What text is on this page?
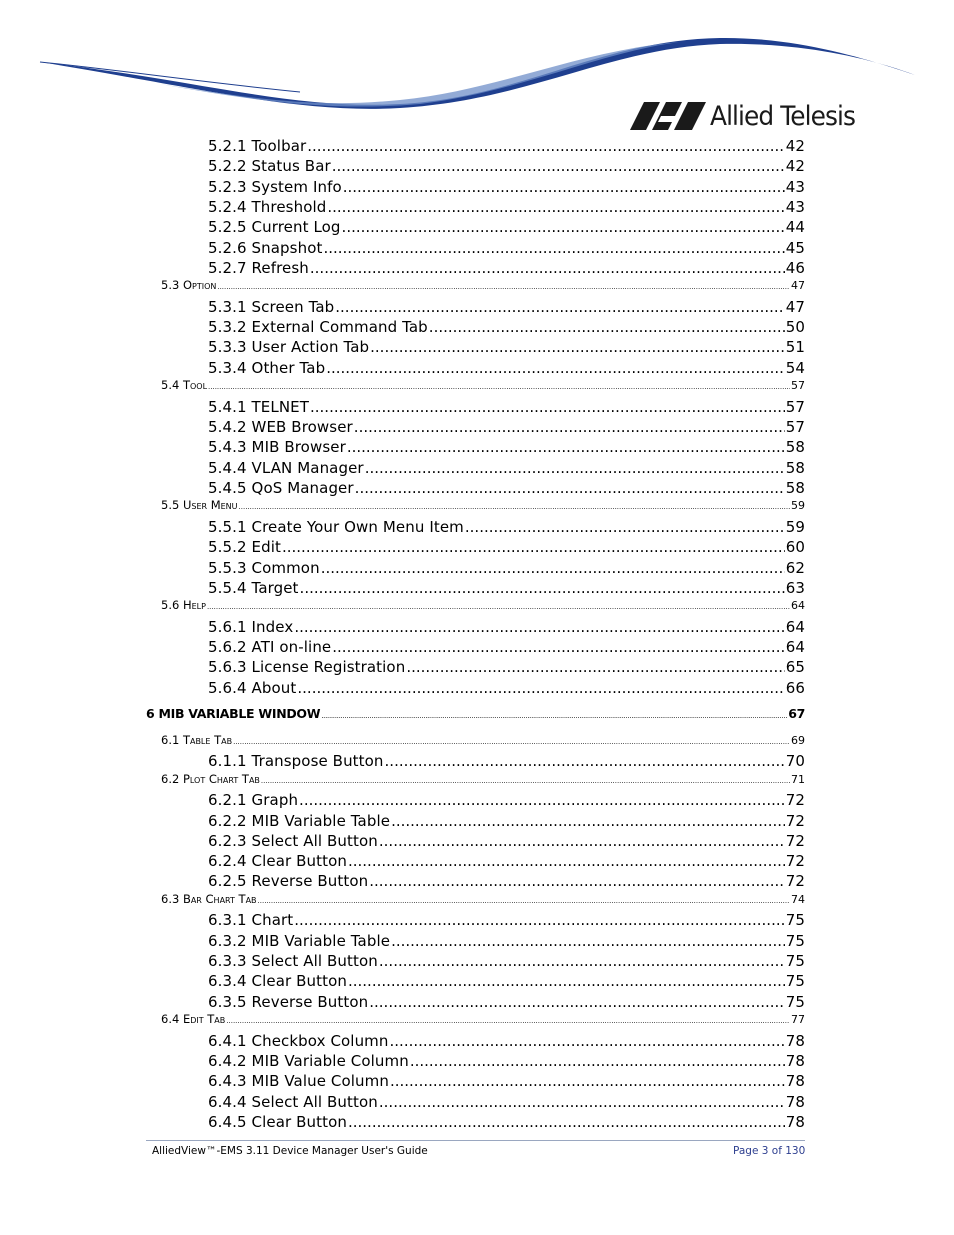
Allied Telesis
5.2.1 Toolbar .....	42
5.2.2 Status Bar .....	42
5.2.3 System Info .....	43
5.2.4 Threshold .....	43
5.2.5 Current Log .....	44
5.2.6 Snapshot .....	45
5.2.7 Refresh .....	46
5.3 Option .....	47
5.3.1 Screen Tab .....	47
5.3.2 External Command Tab .....	50
5.3.3 User Action Tab .....	51
5.3.4 Other Tab .....	54
5.4 Tool .....	57
5.4.1 TELNET .....	57
5.4.2 WEB Browser .....	57
5.4.3 MIB Browser .....	58
5.4.4 VLAN Manager .....	58
5.4.5 QoS Manager .....	58
5.5 User Menu .....	59
5.5.1 Create Your Own Menu Item .....	59
5.5.2 Edit .....	60
5.5.3 Common .....	62
5.5.4 Target .....	63
5.6 Help .....	64
5.6.1 Index .....	64
5.6.2 ATI on-line .....	64
5.6.3 License Registration .....	65
5.6.4 About .....	66
6 MIB VARIABLE WINDOW .....	67
6.1 Table Tab .....	69
6.1.1 Transpose Button .....	70
6.2 Plot Chart Tab .....	71
6.2.1 Graph .....	72
6.2.2 MIB Variable Table .....	72
6.2.3 Select All Button .....	72
6.2.4 Clear Button .....	72
6.2.5 Reverse Button .....	72
6.3 Bar Chart Tab .....	74
6.3.1 Chart .....	75
6.3.2 MIB Variable Table .....	75
6.3.3 Select All Button .....	75
6.3.4 Clear Button .....	75
6.3.5 Reverse Button .....	75
6.4 Edit Tab .....	77
6.4.1 Checkbox Column .....	78
6.4.2 MIB Variable Column .....	78
6.4.3 MIB Value Column .....	78
6.4.4 Select All Button .....	78
6.4.5 Clear Button .....	78
AlliedView™-EMS 3.11 Device Manager User's Guide	Page 3 of 130
